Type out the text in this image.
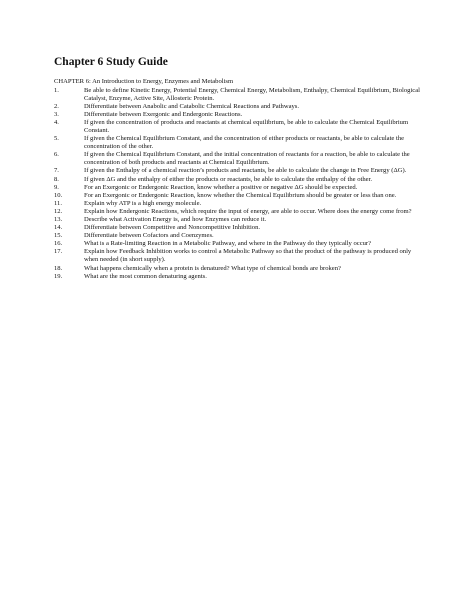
Chapter 6 Study Guide

CHAPTER 6: An Introduction to Energy, Enzymes and Metabolism

1.	Be able to define Kinetic Energy, Potential Energy, Chemical Energy, Metabolism, Enthalpy, Chemical Equilibrium, Biological Catalyst, Enzyme, Active Site, Allosteric Protein.
2.	Differentiate between Anabolic and Catabolic Chemical Reactions and Pathways.
3.	Differentiate between Exergonic and Endergonic Reactions.
4.	If given the concentration of products and reactants at chemical equilibrium, be able to calculate the Chemical Equilibrium Constant.
5.	If given the Chemical Equilibrium Constant, and the concentration of either products or reactants, be able to calculate the concentration of the other.
6.	If given the Chemical Equilibrium Constant, and the initial concentration of reactants for a reaction, be able to calculate the concentration of both products and reactants at Chemical Equilibrium.
7.	If given the Enthalpy of a chemical reaction’s products and reactants, be able to calculate the change in Free Energy (ΔG).
8.	If given ΔG and the enthalpy of either the products or reactants, be able to calculate the enthalpy of the other.
9.	For an Exergonic or Endergonic Reaction, know whether a positive or negative ΔG should be expected.
10.	For an Exergonic or Endergonic Reaction, know whether the Chemical Equilibrium should be greater or less than one.
11.	Explain why ATP is a high energy molecule.
12.	Explain how Endergonic Reactions, which require the input of energy, are able to occur. Where does the energy come from?
13.	Describe what Activation Energy is, and how Enzymes can reduce it.
14.	Differentiate between Competitive and Noncompetitive Inhibition.
15.	Differentiate between Cofactors and Coenzymes.
16.	What is a Rate-limiting Reaction in a Metabolic Pathway, and where in the Pathway do they typically occur?
17.	Explain how Feedback Inhibition works to control a Metabolic Pathway so that the product of the pathway is produced only when needed (in short supply).
18.	What happens chemically when a protein is denatured? What type of chemical bonds are broken?
19.	What are the most common denaturing agents.
